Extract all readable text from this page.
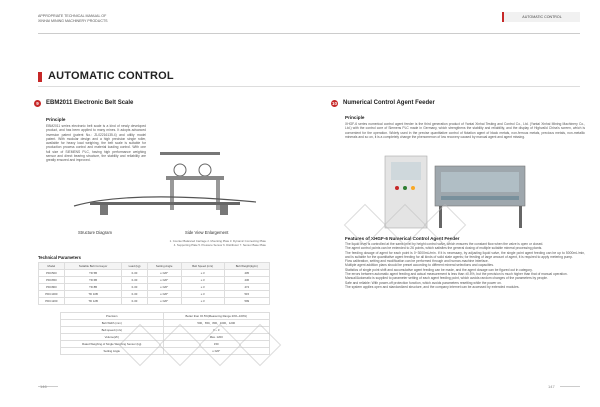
APPROPRIATE TECHNICAL MANUAL OF
XINHAI MINING MACHINERY PRODUCTS
AUTOMATIC CONTROL
AUTOMATIC CONTROL
9	EBM2011 Electronic Belt Scale
Principle
EBM2011 series electronic belt scale is a kind of newly developed product, and has been applied to many mines. It adopts advanced inversion patent (patent No.: ZL02216135.4) and utility model patent. With modular design and a high precision single roller, available for heavy load weighing, the belt scale is suitable for production process control and material loading control. With one full size of SIEMENS PLC, having high performance weighing sensor and direct bearing structure, the stability and reliability are greatly ensured and improved.
Structure Diagram	Side View Enlargement
1. Counter Balanced Carriage 2. Mounting Plate 3. Dynamic Connecting Plate
4. Supporting Plate 5. Pressure Sensor 6. Distributor 7. Sensor Base Plate
Technical Parameters
Model	Suitable Belt Conveyor	Load (kg)	Setting Angle	Belt Speed (m/s)	Belt Weight(kg/m)
PDC500	TD 5B	0-30	≤ ±20°	≤ 3	405
PDC650	TD 6B	0-30	≤ ±20°	≤ 3	436
PDC800	TD 8B	0-30	≤ ±20°	≤ 3	474
PDC1000	TD 10B	0-30	≤ ±20°	≤ 3	515
PDC1200	TD 12B	0-30	≤ ±20°	≤ 3	599
Precision	Better than ±0.5%(Measuring Range 20%~100%)
Belt Width (mm)	500、650、800、1000、1200
Belt speed (m/s)	0 ~ 3
Volume(t/h)	Max. 1200
Rated Weighing of Single Weighing Sensor (kg)	150
Setting Angle	≤ ±20°
10 Numerical Control Agent Feeder
Principle
XHGF-6 series numerical control agent feeder is the third generation product of Yantai Xinhai Testing and Control Co., Ltd. (Yantai Xinhai Mining Machinery Co., Ltd.) with the control core of Siemens PLC made in Germany, which strengthens the stability and reliability, and the display of Highvalid China's screen, which is convenient for the operation. Widely used in the precise quantitative control of flotation agent of black metals, non-ferrous metals, precious metals, non-metallic minerals and so on, it is a completely change the phenomenon of low recovery caused by manual agent and agent missing.
Features of XHGF-6 Numerical Control Agent Feeder
The liquid level is controlled at the same level by height control valve, which ensures the constant flow when the valve is open or closed.
The agent control points can be extended to 26 points, which satisfies the general dosing of multiple suitable mineral processing plants.
The feeding dosage of agent for each point is 0~3000mL/min. If it is necessary, by adjusting liquid valve, the single point agent feeding can be up to 5000mL/min, and is suitable for the quantitative agent feeding for all kinds of solid state agents; for feeding of large amount of agent, it is required to apply metering pump.
Flow calibration, setting and modification can be performed through and human-machine interface.
Multiple agent addition plans should be preset according to different mineral selections and capacities.
Statistics of single point shift and accumulative agent feeding can be made, and the agent dosage can be figured out in category.
The errors between automatic agent feeding and actual measurement is less than ±0.5%, but the precision is much higher than that of manual operation.
Manual/Automatic is supplied to parameter setting of each agent feeding point, which avoids random changes of the parameters by people.
Safe and reliable: With power-off protection function, which avoids parameters resetting while the power on.
The system applies open and standardized structure, and the company internet can be accessed by extended modules.
146	147
